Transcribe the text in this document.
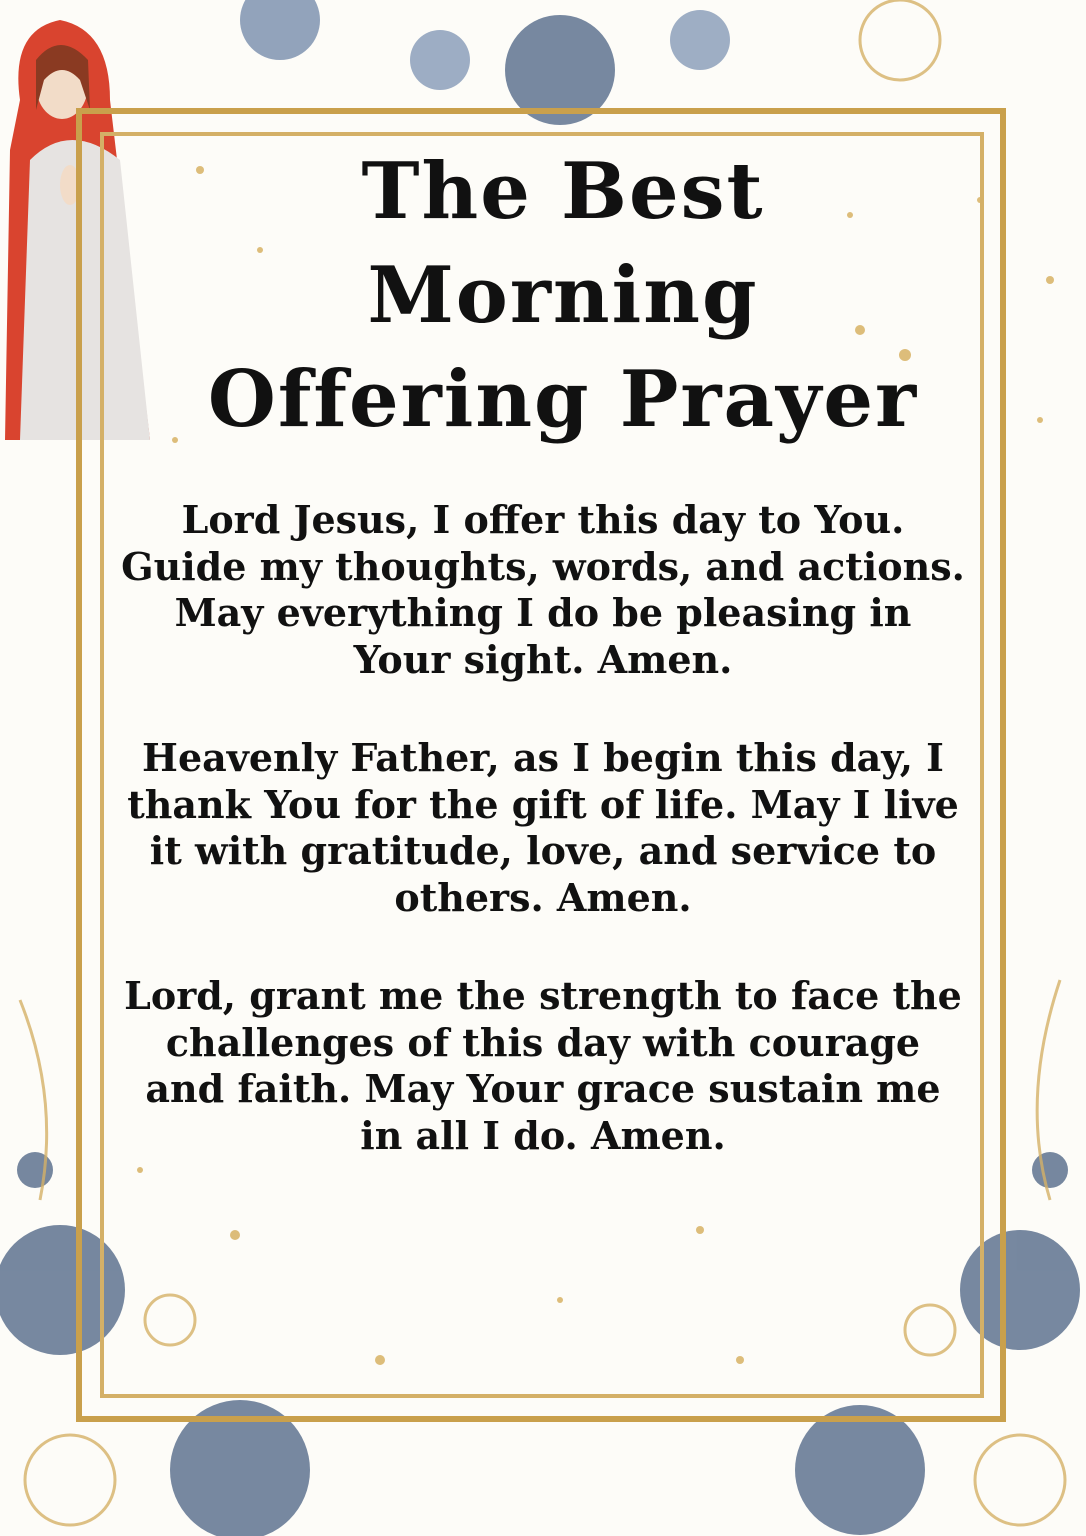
The Best
Morning
Offering Prayer
Lord Jesus, I offer this day to You. Guide my thoughts, words, and actions. May everything I do be pleasing in Your sight. Amen.
Heavenly Father, as I begin this day, I thank You for the gift of life. May I live it with gratitude, love, and service to others. Amen.
Lord, grant me the strength to face the challenges of this day with courage and faith. May Your grace sustain me in all I do. Amen.
